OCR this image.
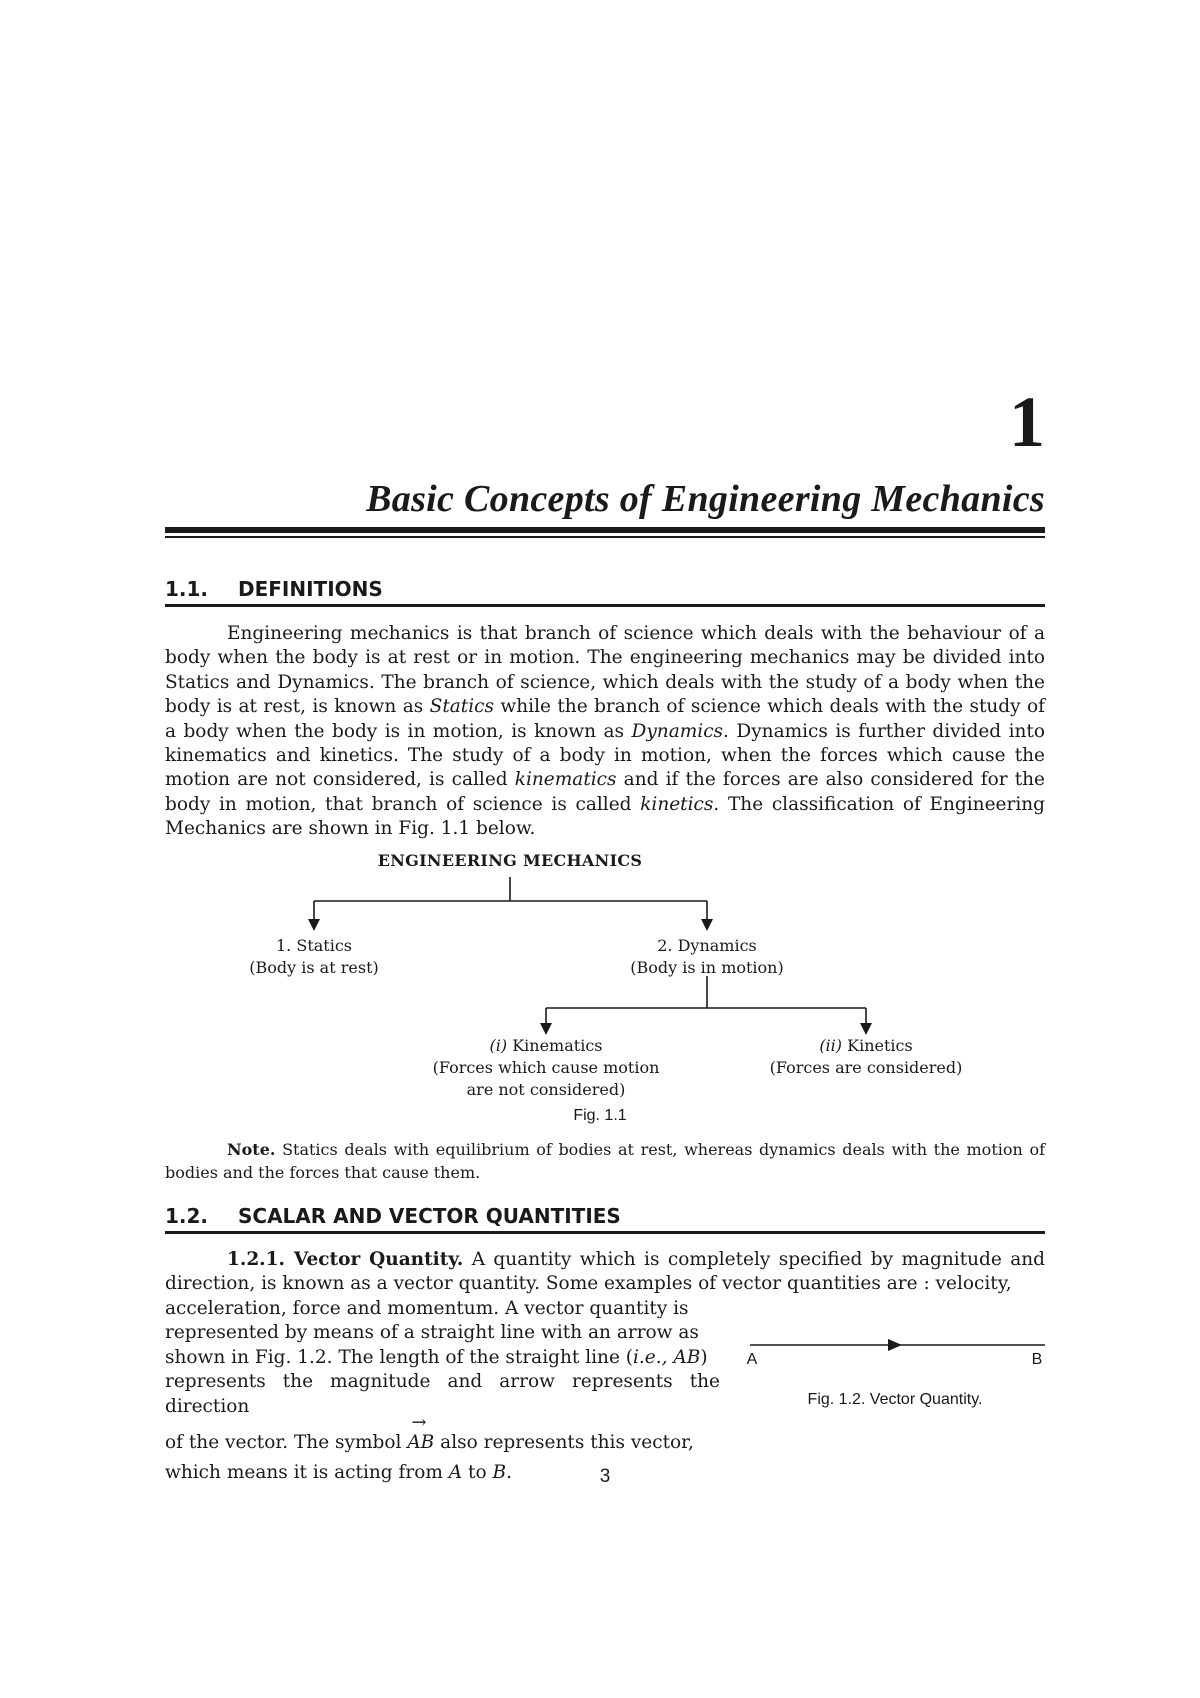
1
Basic Concepts of Engineering Mechanics
1.1. DEFINITIONS

Engineering mechanics is that branch of science which deals with the behaviour of a body when the body is at rest or in motion. The engineering mechanics may be divided into Statics and Dynamics. The branch of science, which deals with the study of a body when the body is at rest, is known as Statics while the branch of science which deals with the study of a body when the body is in motion, is known as Dynamics. Dynamics is further divided into kinematics and kinetics. The study of a body in motion, when the forces which cause the motion are not considered, is called kinematics and if the forces are also considered for the body in motion, that branch of science is called kinetics. The classification of Engineering Mechanics are shown in Fig. 1.1 below.

ENGINEERING MECHANICS
1. Statics
(Body is at rest)
2. Dynamics
(Body is in motion)
(i) Kinematics
(Forces which cause motion
are not considered)
(ii) Kinetics
(Forces are considered)
Fig. 1.1

Note. Statics deals with equilibrium of bodies at rest, whereas dynamics deals with the motion of bodies and the forces that cause them.

1.2. SCALAR AND VECTOR QUANTITIES

1.2.1. Vector Quantity. A quantity which is completely specified by magnitude and direction, is known as a vector quantity. Some examples of vector quantities are : velocity,

acceleration, force and momentum. A vector quantity is

represented by means of a straight line with an arrow as

shown in Fig. 1.2. The length of the straight line (i.e., AB)

represents the magnitude and arrow represents the direction

of the vector. The symbol
→
AB also represents this vector,

which means it is acting from A to B.

A	B
Fig. 1.2. Vector Quantity.
3
